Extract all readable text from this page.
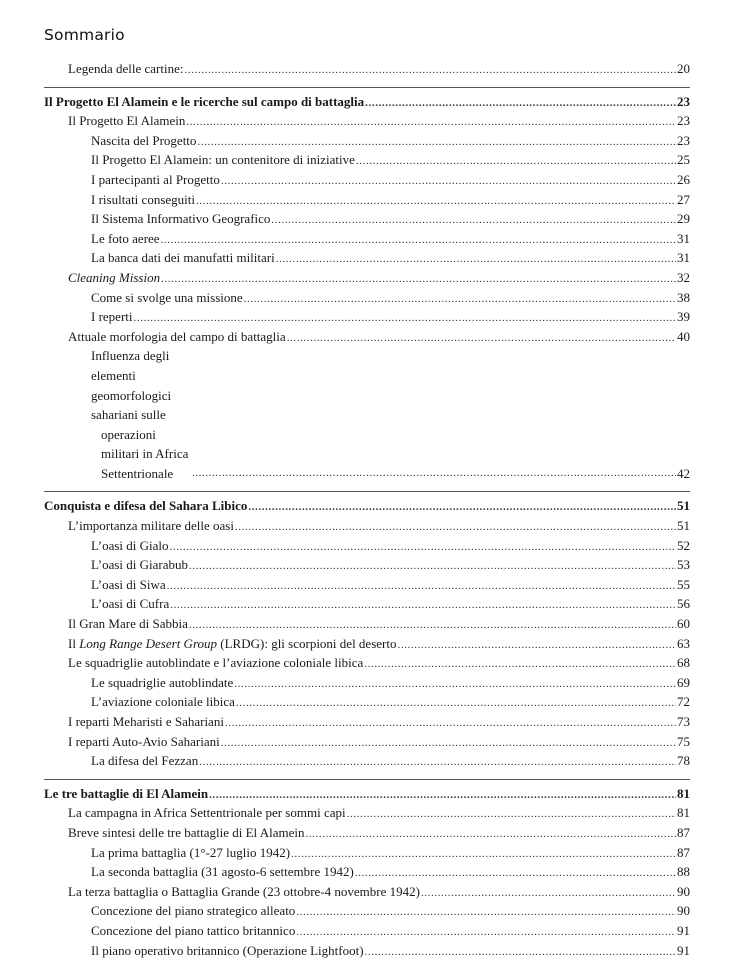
Sommario
Legenda delle cartine: .....	20
Il Progetto El Alamein e le ricerche sul campo di battaglia .....	23
Il Progetto El Alamein .....	23
Nascita del Progetto .....	23
Il Progetto El Alamein: un contenitore di iniziative .....	25
I partecipanti al Progetto .....	26
I risultati conseguiti .....	27
Il Sistema Informativo Geografico .....	29
Le foto aeree .....	31
La banca dati dei manufatti militari .....	31
Cleaning Mission .....	32
Come si svolge una missione .....	38
I reperti .....	39
Attuale morfologia del campo di battaglia .....	40
Influenza degli elementi geomorfologici sahariani sulle
operazioni militari in Africa Settentrionale .....	42
Conquista e difesa del Sahara Libico .....	51
L’importanza militare delle oasi .....	51
L’oasi di Gialo .....	52
L’oasi di Giarabub .....	53
L’oasi di Siwa .....	55
L’oasi di Cufra .....	56
Il Gran Mare di Sabbia .....	60
Il Long Range Desert Group (LRDG): gli scorpioni del deserto .....	63
Le squadriglie autoblindate e l’aviazione coloniale libica .....	68
Le squadriglie autoblindate .....	69
L’aviazione coloniale libica .....	72
I reparti Meharisti e Sahariani .....	73
I reparti Auto-Avio Sahariani .....	75
La difesa del Fezzan .....	78
Le tre battaglie di El Alamein .....	81
La campagna in Africa Settentrionale per sommi capi .....	81
Breve sintesi delle tre battaglie di El Alamein .....	87
La prima battaglia (1°-27 luglio 1942) .....	87
La seconda battaglia (31 agosto-6 settembre 1942) .....	88
La terza battaglia o Battaglia Grande (23 ottobre-4 novembre 1942) .....	90
Concezione del piano strategico alleato .....	90
Concezione del piano tattico britannico .....	91
Il piano operativo britannico (Operazione Lightfoot) .....	91
